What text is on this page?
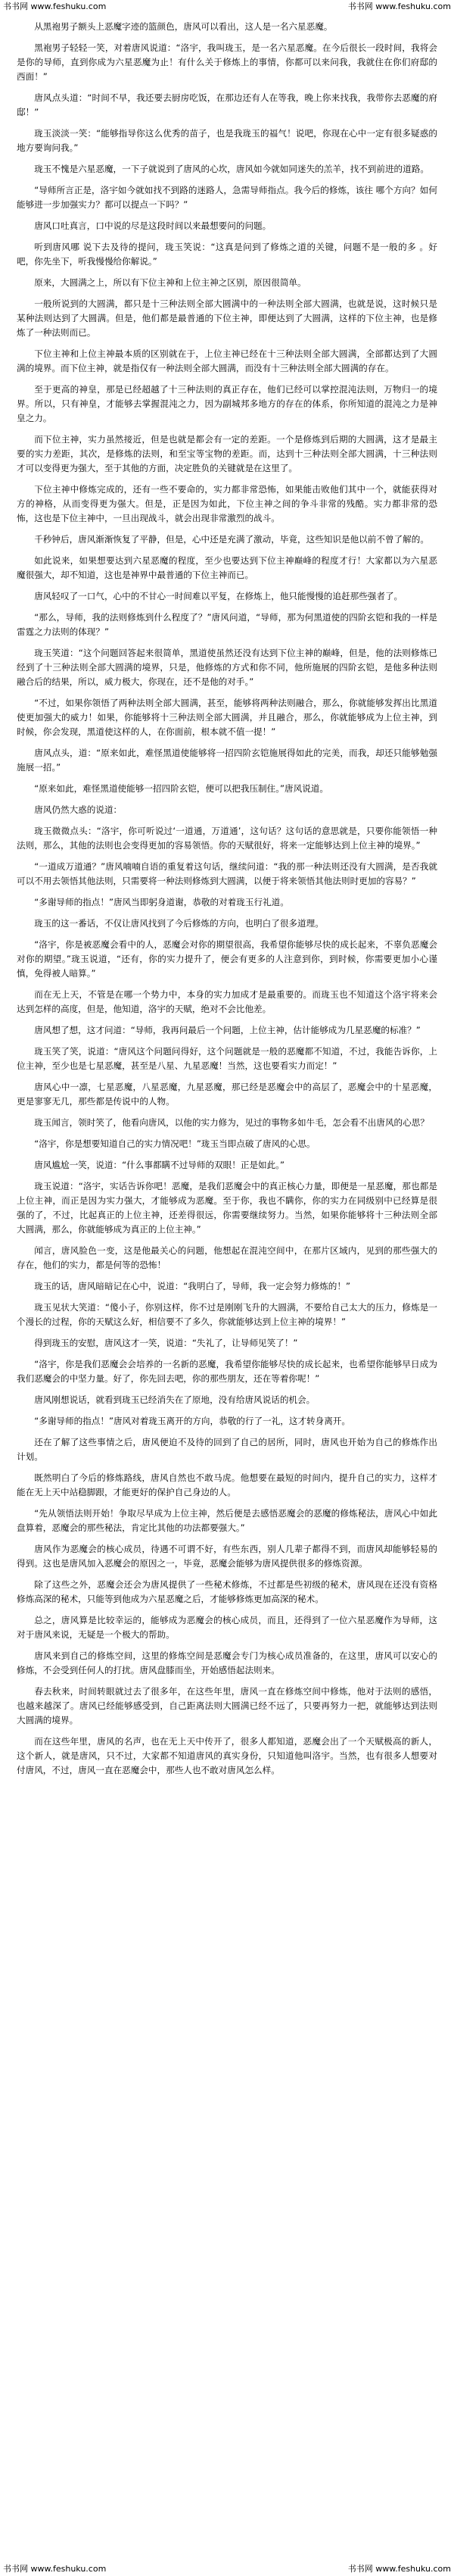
书书网 www.feshuku.com	书书网 www.feshuku.com

从黑袍男子额头上恶魔字迹的篮颜色，唐风可以看出，这人是一名六星恶魔。

黑袍男子轻轻一笑，对着唐风说道：“洛宇，我叫珑玉，是一名六星恶魔。在今后很长一段时间，我将会是你的导师，直到你成为六星恶魔为止！有什么关于修炼上的事情，你都可以来问我，我就住在你们府邸的西面！”

唐风点头道：“时间不早，我还要去厨房吃饭，在那边还有人在等我，晚上你来找我，我带你去恶魔的府邸！”

珑玉淡淡一笑：“能够指导你这么优秀的苗子，也是我珑玉的福气！说吧，你现在心中一定有很多疑惑的地方要询问我。”

珑玉不愧是六星恶魔，一下子就说到了唐风的心坎，唐风如今就如同迷失的羔羊，找不到前进的道路。

“导师所言正是，洛宇如今就如找不到路的迷路人，急需导师指点。我今后的修炼，该往 哪个方向？如何能够进一步加强实力？都可以提点一下吗？”

唐风口吐真言，口中说的尽是这段时间以来最想要问的问题。

听到唐风哪 说下去及待的提问，珑玉笑说：“这真是问到了修炼之道的关键，问题不是一般的多 。好吧，你先坐下，听我慢慢给你解说。”

原来，大圆满之上，所以有下位主神和上位主神之区别，原因很简单。

一般所说到的大圆满，都只是十三种法则全部大圆满中的一种法则全部大圆满，也就是说，这时候只是某种法则达到了大圆满。但是，他们都是最普通的下位主神，即便达到了大圆满，这样的下位主神，也是修炼了一种法则而已。

下位主神和上位主神最本质的区别就在于，上位主神已经在十三种法则全部大圆满，全部都达到了大圆满的境界。而下位主神，就是指仅有一种法则全部大圆满，而没有十三种法则全部大圆满的存在。

至于更高的神皇，那是已经超越了十三种法则的真正存在，他们已经可以掌控混沌法则，万物归一的境界。所以，只有神皇，才能够去掌握混沌之力，因为副城邦多地方的存在的体系，你所知道的混沌之力是神皇之力。

而下位主神，实力虽然接近，但是也就是都会有一定的差距。一个是修炼到后期的大圆满，这才是最主要的实力差距，其次，是修炼的法则，和至宝等宝物的差距。而，达到十三种法则全部大圆满，十三种法则才可以变得更为强大，至于其他的方面，决定胜负的关键就是在这里了。

下位主神中修炼完成的，还有一些不要命的，实力都非常恐怖，如果能击败他们其中一个，就能获得对方的神格，从而变得更为强大。但是，正是因为如此，下位主神之间的争斗非常的残酷。实力都非常的恐怖，这也是下位主神中，一旦出现战斗，就会出现非常激烈的战斗。

千秒钟后，唐风渐渐恢复了平静，但是，心中还是充满了激动，毕竟，这些知识是他以前不曾了解的。

如此说来，如果想要达到六星恶魔的程度，至少也要达到下位主神巅峰的程度才行！大家都以为六星恶魔很强大，却不知道，这也是神界中最普通的下位主神而已。

唐风轻叹了一口气，心中的不甘心一时间难以平复，在修炼上，他只能慢慢的追赶那些强者了。

“那么，导师，我的法则修炼到什么程度了？”唐风问道，“导师，那为何黑道使的四阶玄铠和我的一样是雷霆之力法则的体现？”

珑玉笑道：“这个问题回答起来很简单，黑道使虽然还没有达到下位主神的巅峰，但是，他的法则修炼已经到了十三种法则全部大圆满的境界，只是，他修炼的方式和你不同，他所施展的四阶玄铠，是他多种法则融合后的结果，所以，威力极大，你现在，还不是他的对手。”

“不过，如果你领悟了两种法则全部大圆满，甚至，能够将两种法则融合，那么，你就能够发挥出比黑道使更加强大的威力！如果，你能够将十三种法则全部大圆满，并且融合，那么，你就能够成为上位主神，到时候，你会发现，黑道使这样的人，在你面前，根本就不值一提！”

唐风点头，道：“原来如此，难怪黑道使能够将一招四阶玄铠施展得如此的完美，而我，却还只能够勉强施展一招。”

“原来如此，难怪黑道使能够一招四阶玄铠，便可以把我压制住。”唐风说道。

唐风仍然大惑的说道：

珑玉微微点头：“洛宇，你可听说过‘一道通，万道通’，这句话？这句话的意思就是，只要你能领悟一种法则，那么，其他的法则也会变得更加的容易领悟。你的天赋很好，将来一定能够达到上位主神的境界。”

“一道成万道通？”唐风喃喃自语的重复着这句话，继续问道：“我的那一种法则还没有大圆满，是否我就可以不用去领悟其他法则，只需要将一种法则修炼到大圆满，以便于将来领悟其他法则时更加的容易？”

“多谢导师的指点！”唐风当即躬身道谢，恭敬的对着珑玉行礼道。

珑玉的这一番话，不仅让唐风找到了今后修炼的方向，也明白了很多道理。

“洛宇，你是被恶魔会看中的人，恶魔会对你的期望很高，我希望你能够尽快的成长起来，不辜负恶魔会对你的期望。”珑玉说道，“还有，你的实力提升了，便会有更多的人注意到你，到时候，你需要更加小心谨慎，免得被人暗算。”

而在无上天，不管是在哪一个势力中，本身的实力加成才是最重要的。而珑玉也不知道这个洛宇将来会达到怎样的高度，但是，他知道，洛宇的天赋，绝对不会比他差。

唐风想了想，这才问道：“导师，我再问最后一个问题，上位主神，估计能够成为几星恶魔的标准？”

珑玉笑了笑，说道：“唐风这个问题问得好，这个问题就是一般的恶魔都不知道，不过，我能告诉你，上位主神，至少也是七星恶魔，甚至是八星、九星恶魔！当然，这也要看实力而定！”

唐风心中一凛，七星恶魔，八星恶魔，九星恶魔，那已经是恶魔会中的高层了，恶魔会中的十星恶魔，更是寥寥无几，那些都是传说中的人物。

珑玉闻言，领时笑了，他看向唐风，以他的实力修为，见过的事物多如牛毛，怎会看不出唐风的心思？

“洛宇，你是想要知道自己的实力情况吧！”珑玉当即点破了唐风的心思。

唐风尴尬一笑，说道：“什么事都瞒不过导师的双眼！正是如此。”

珑玉说道：“洛宇，实话告诉你吧！恶魔，是我们恶魔会中的真正核心力量，即便是一星恶魔，那也都是上位主神，而正是因为实力强大，才能够成为恶魔。至于你，我也不瞒你，你的实力在同级别中已经算是很强的了，不过，比起真正的上位主神，还差得很远，你需要继续努力。当然，如果你能够将十三种法则全部大圆满，那么，你就能够成为真正的上位主神。”

闻言，唐风脸色一变，这是他最关心的问题，他想起在混沌空间中，在那片区域内，见到的那些强大的存在，他们的实力，都是何等的恐怖！

珑玉的话，唐风暗暗记在心中，说道：“我明白了，导师，我一定会努力修炼的！”

珑玉见状大笑道：“傻小子，你别这样，你不过是刚刚飞升的大圆满，不要给自己太大的压力，修炼是一个漫长的过程，你的天赋这么好，相信要不了多久，你就能够达到上位主神的境界！”

得到珑玉的安慰，唐风这才一笑，说道：“失礼了，让导师见笑了！”

“洛宇，你是我们恶魔会会培养的一名新的恶魔，我希望你能够尽快的成长起来，也希望你能够早日成为我们恶魔会的中坚力量。好了，你先回去吧，你的那些朋友，还在等着你呢！”

唐风刚想说话，就看到珑玉已经消失在了原地，没有给唐风说话的机会。

“多谢导师的指点！”唐风对着珑玉离开的方向，恭敬的行了一礼，这才转身离开。

还在了解了这些事情之后，唐风便迫不及待的回到了自己的居所，同时，唐风也开始为自己的修炼作出计划。

既然明白了今后的修炼路线，唐风自然也不敢马虎。他想要在最短的时间内，提升自己的实力，这样才能在无上天中站稳脚跟，才能更好的保护自己身边的人。

“先从领悟法则开始！争取尽早成为上位主神，然后便是去感悟恶魔会的恶魔的修炼秘法，唐风心中如此盘算着，恶魔会的那些秘法，肯定比其他的功法都要强大。”

唐风作为恶魔会的核心成员，待遇不可谓不好，有些东西，别人几辈子都得不到，而唐风却能够轻易的得到。这也是唐风加入恶魔会的原因之一，毕竟，恶魔会能够为唐风提供很多的修炼资源。

除了这些之外，恶魔会还会为唐风提供了一些秘术修炼，不过都是些初级的秘术，唐风现在还没有资格修炼高深的秘术，只能等到他成为六星恶魔之后，才能够修炼更加高深的秘术。

总之，唐风算是比较幸运的，能够成为恶魔会的核心成员，而且，还得到了一位六星恶魔作为导师，这对于唐风来说，无疑是一个极大的帮助。

唐风来到自己的修炼空间，这里的修炼空间是恶魔会专门为核心成员准备的，在这里，唐风可以安心的修炼，不会受到任何人的打扰。唐风盘膝而坐，开始感悟起法则来。

春去秋来，时间转眼就过去了很多年，在这些年里，唐风一直在修炼空间中修炼，他对于法则的感悟，也越来越深了。唐风已经能够感受到，自己距离法则大圆满已经不远了，只要再努力一把，就能够达到法则大圆满的境界。

而在这些年里，唐风的名声，也在无上天中传开了，很多人都知道，恶魔会出了一个天赋极高的新人，这个新人，就是唐风，只不过，大家都不知道唐风的真实身份，只知道他叫洛宇。当然，也有很多人想要对付唐风，不过，唐风一直在恶魔会中，那些人也不敢对唐风怎么样。

书书网 www.feshuku.com	书书网 www.feshuku.com
